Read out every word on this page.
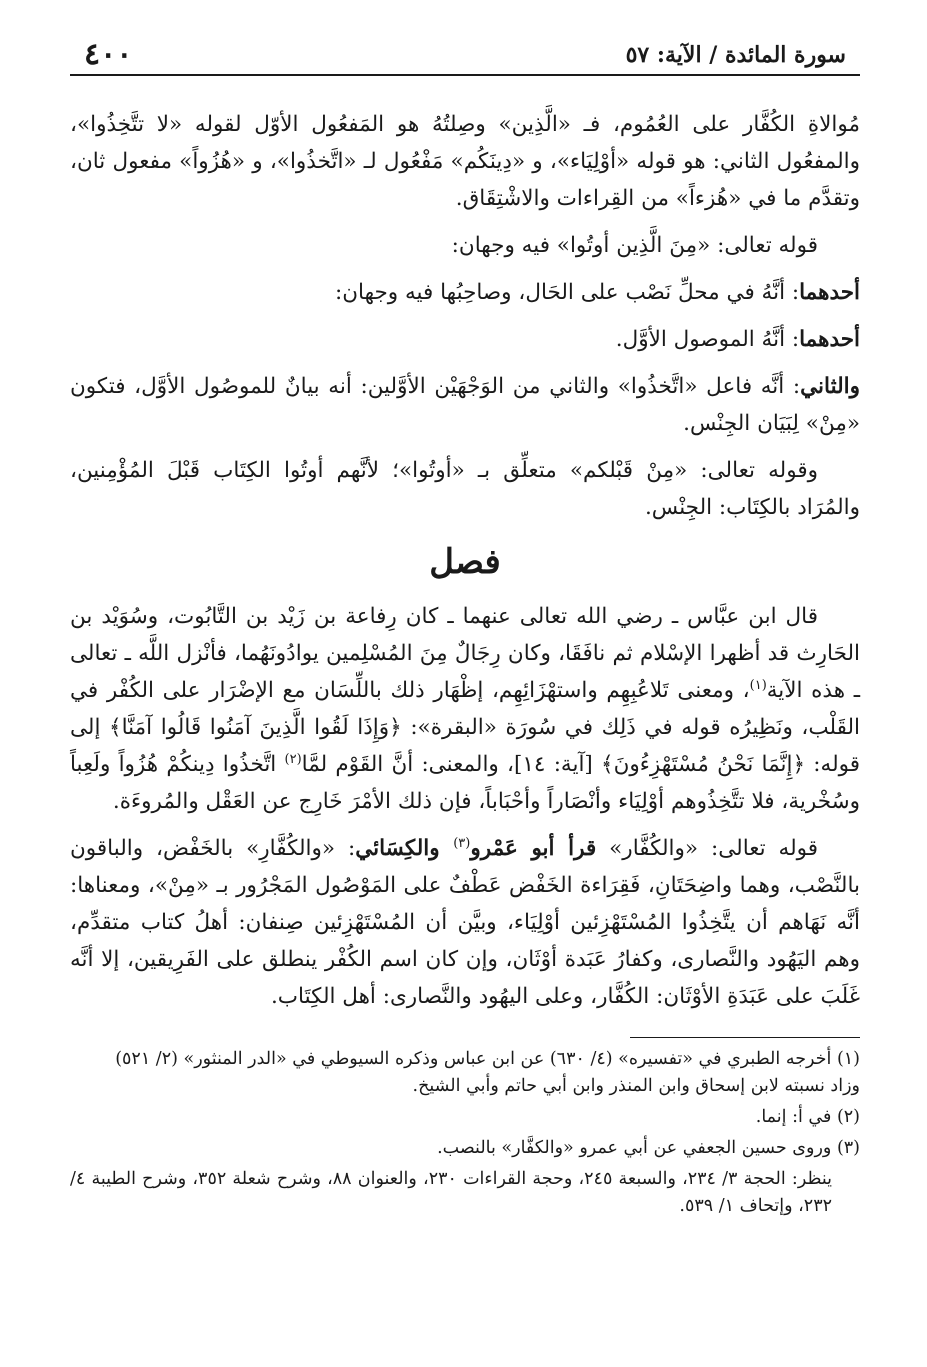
سورة المائدة / الآية: ٥٧
٤٠٠

مُوالاةِ الكُفَّار على العُمُوم، فـ «الَّذِين» وصِلتُهُ هو المَفعُول الأوّل لقوله «لا تتَّخِذُوا»، والمفعُول الثاني: هو قوله «أوْلِيَاء»، و «دِينَكُم» مَفْعُول لـ «اتَّخذُوا»، و «هُزُواً» مفعول ثان، وتقدَّم ما في «هُزءاً» من القِراءات والاشْتِقَاق.

قوله تعالى: «مِنَ الَّذِين أوتُوا» فيه وجهان:

أحدهما: أنَّهُ في محلِّ نَصْب على الحَال، وصاحِبُها فيه وجهان:

أحدهما: أنَّهُ الموصول الأوَّل.

والثاني: أنَّه فاعل «اتَّخذُوا» والثاني من الوَجْهَيْن الأوَّلين: أنه بيانٌ للموصُول الأوَّل، فتكون «مِنْ» لِبَيَان الجِنْس.

وقوله تعالى: «مِنْ قَبْلكم» متعلِّق بـ «أوتُوا»؛ لأنَّهم أوتُوا الكِتَاب قَبْلَ المُؤْمِنين، والمُرَاد بالكِتَاب: الجِنْس.

فصل

قال ابن عبَّاس ـ رضي الله تعالى عنهما ـ كان رِفاعة بن زَيْد بن التَّابُوت، وسُوَيْد بن الحَارِث قد أظهرا الإسْلام ثم نافَقَا، وكان رِجَالٌ مِنَ المُسْلِمين يوادُونَهُما، فأنْزل اللَّه ـ تعالى ـ هذه الآية$^{(١)}$، ومعنى تَلاعُبِهِم واستهْزَائِهِم، إظْهَار ذلك باللِّسَان مع الإضْرَار على الكُفْر في القَلْب، ونَظِيرُه قوله في ذَلِك في سُورَة «البقرة»: ﴿وَإِذَا لَقُوا الَّذِينَ آمَنُوا قَالُوا آمَنَّا﴾ إلى قوله: ﴿إِنَّمَا نَحْنُ مُسْتَهْزِءُونَ﴾ [آية: ١٤]، والمعنى: أنَّ القَوْم لمَّا$^{(٢)}$ اتَّخذُوا دِينكُمْ هُزُواً ولَعِباً وسُخْرية، فلا تتَّخِذُوهم أوْلِيَاء وأنْصَاراً وأحْبَاباً، فإن ذلك الأمْرَ خَارِج عن العَقْل والمُروءَة.

قوله تعالى: «والكُفَّار» قرأ أبو عَمْرو$^{(٣)}$ والكِسَائي: «والكُفَّارِ» بالخَفْض، والباقون بالنَّصْب، وهما واضِحَتَانِ، فَقِرَاءة الخَفْض عَطْفٌ على المَوْصُول المَجْرُور بـ «مِنْ»، ومعناها: أنَّه نَهَاهم أن يتَّخِذُوا المُسْتَهْزِئين أوْلِيَاء، وبيَّن أن المُسْتَهْزِئين صِنفان: أهلُ كتاب متقدِّم، وهم اليَهُود والنَّصارى، وكفارُ عَبَدة أوْثَان، وإن كان اسم الكُفْر ينطلق على الفَرِيقين، إلا أنَّه غَلَبَ على عَبَدَةِ الأوْثَان: الكُفَّار، وعلى اليهُود والنَّصارى: أهل الكِتَاب.

(١) أخرجه الطبري في «تفسيره» (٤/ ٦٣٠) عن ابن عباس وذكره السيوطي في «الدر المنثور» (٢/ ٥٢١)
وزاد نسبته لابن إسحاق وابن المنذر وابن أبي حاتم وأبي الشيخ.

(٢) في أ: إنما.

(٣) وروى حسين الجعفي عن أبي عمرو «والكفَّار» بالنصب.

ينظر: الحجة ٣/ ٢٣٤، والسبعة ٢٤٥، وحجة القراءات ٢٣٠، والعنوان ٨٨، وشرح شعلة ٣٥٢، وشرح الطيبة ٤/ ٢٣٢، وإتحاف ١/ ٥٣٩.
